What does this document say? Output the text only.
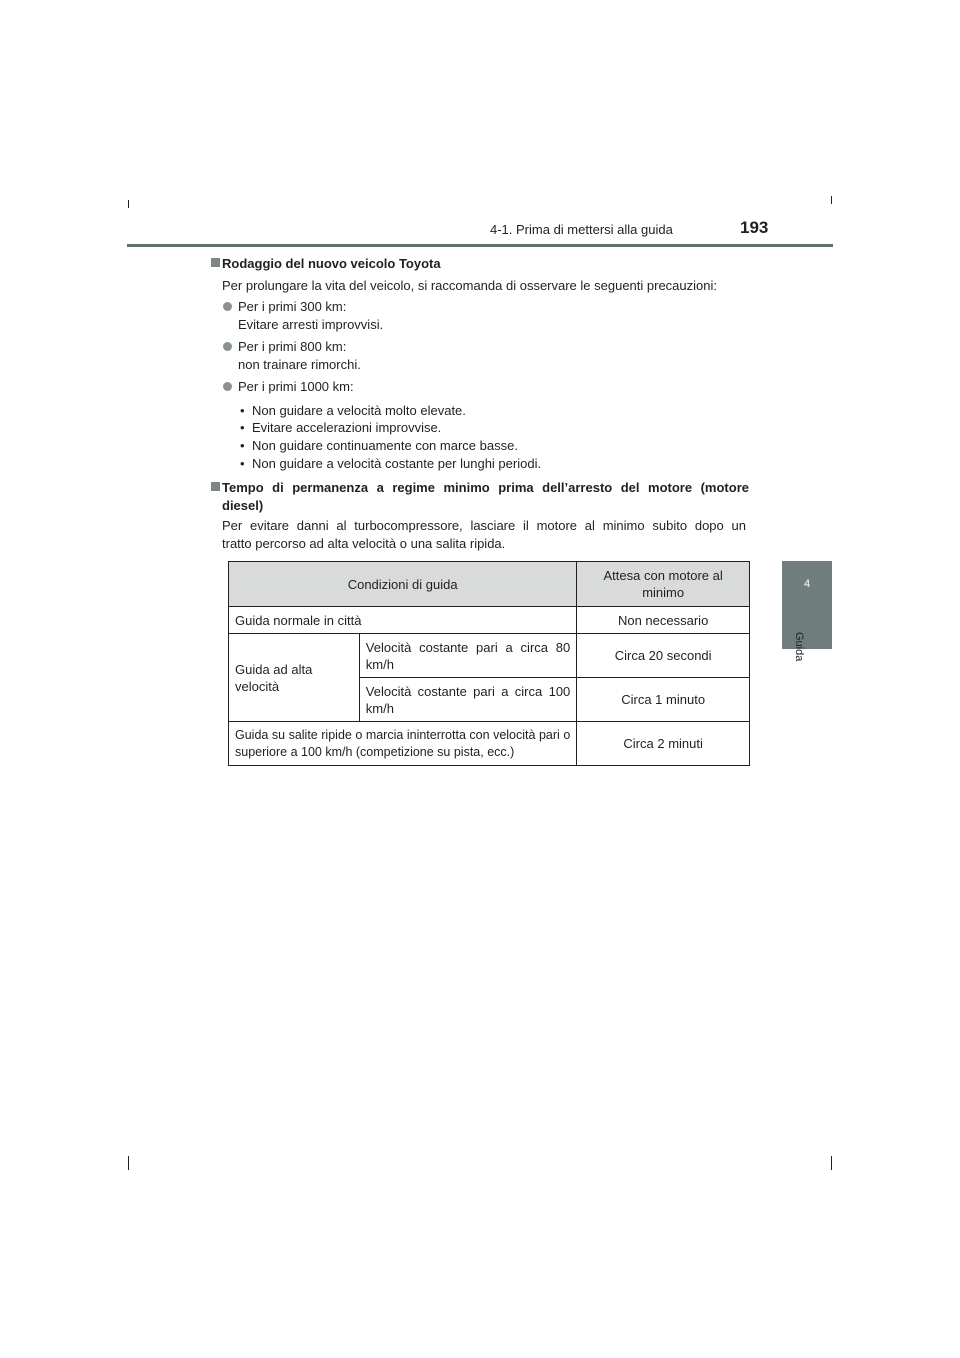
4-1. Prima di mettersi alla guida	193
4
Guida
Rodaggio del nuovo veicolo Toyota
Per prolungare la vita del veicolo, si raccomanda di osservare le seguenti precauzioni:
Per i primi 300 km:
Evitare arresti improvvisi.
Per i primi 800 km:
non trainare rimorchi.
Per i primi 1000 km:
• Non guidare a velocità molto elevate.
• Evitare accelerazioni improvvise.
• Non guidare continuamente con marce basse.
• Non guidare a velocità costante per lunghi periodi.
Tempo di permanenza a regime minimo prima dell’arresto del motore (motore
diesel)
Per evitare danni al turbocompressore, lasciare il motore al minimo subito dopo un
tratto percorso ad alta velocità o una salita ripida.
Condizioni di guida		Attesa con motore al minimo
Guida normale in città		Non necessario
Guida ad alta velocità	Velocità costante pari a circa 80 km/h	Circa 20 secondi
	Velocità costante pari a circa 100 km/h	Circa 1 minuto
Guida su salite ripide o marcia ininterrotta con velocità pari o superiore a 100 km/h (competizione su pista, ecc.)		Circa 2 minuti
